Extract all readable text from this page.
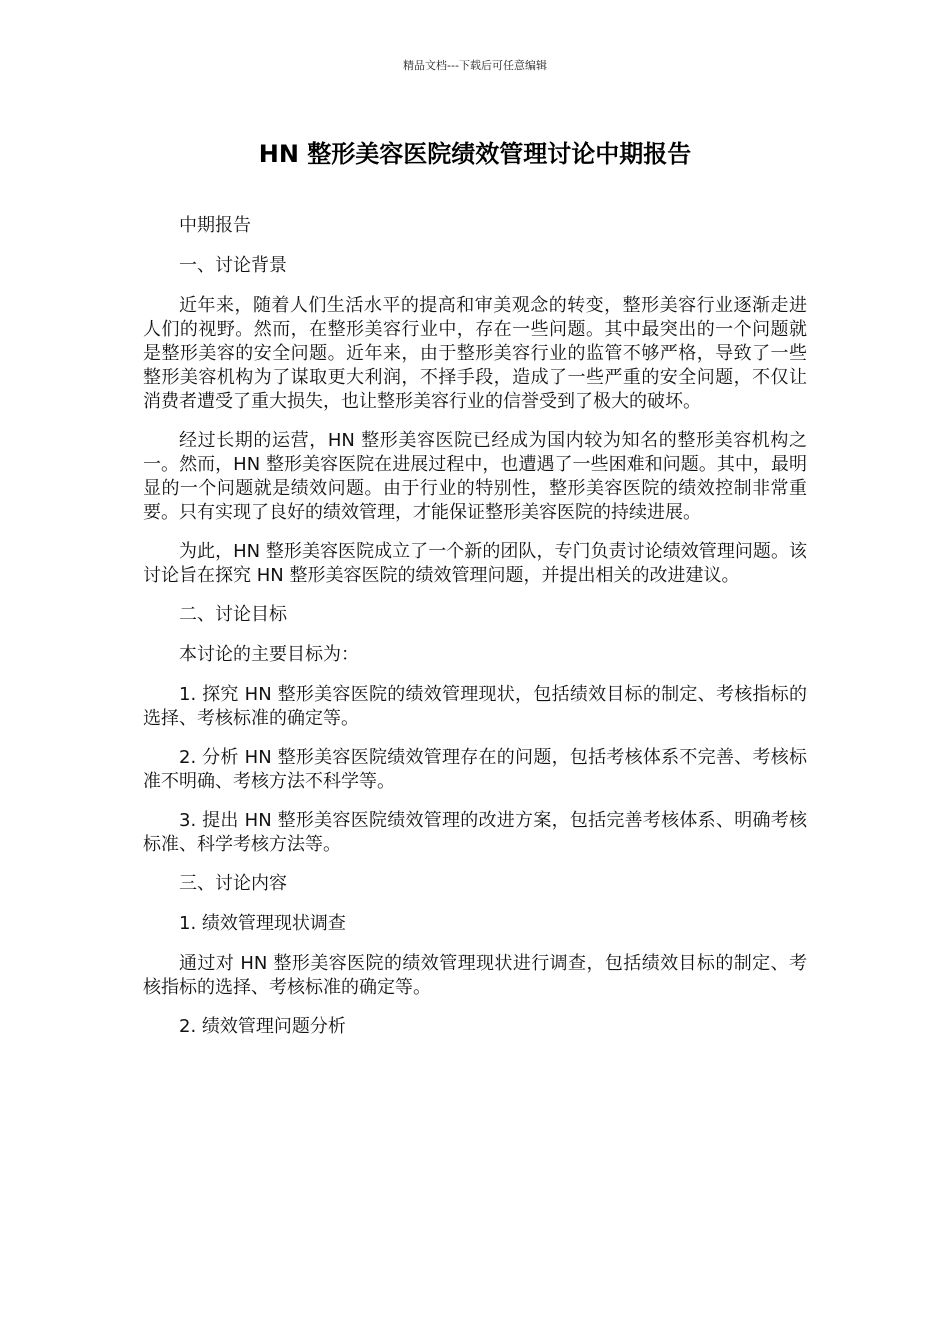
精品文档---下载后可任意编辑
HN 整形美容医院绩效管理讨论中期报告

中期报告

一、讨论背景

近年来，随着人们生活水平的提高和审美观念的转变，整形美容行业逐渐走进人们的视野。然而，在整形美容行业中，存在一些问题。其中最突出的一个问题就是整形美容的安全问题。近年来，由于整形美容行业的监管不够严格，导致了一些整形美容机构为了谋取更大利润，不择手段，造成了一些严重的安全问题，不仅让消费者遭受了重大损失，也让整形美容行业的信誉受到了极大的破坏。

经过长期的运营，HN 整形美容医院已经成为国内较为知名的整形美容机构之一。然而，HN 整形美容医院在进展过程中，也遭遇了一些困难和问题。其中，最明显的一个问题就是绩效问题。由于行业的特别性，整形美容医院的绩效控制非常重要。只有实现了良好的绩效管理，才能保证整形美容医院的持续进展。

为此，HN 整形美容医院成立了一个新的团队，专门负责讨论绩效管理问题。该讨论旨在探究 HN 整形美容医院的绩效管理问题，并提出相关的改进建议。

二、讨论目标

本讨论的主要目标为：

1. 探究 HN 整形美容医院的绩效管理现状，包括绩效目标的制定、考核指标的选择、考核标准的确定等。

2. 分析 HN 整形美容医院绩效管理存在的问题，包括考核体系不完善、考核标准不明确、考核方法不科学等。

3. 提出 HN 整形美容医院绩效管理的改进方案，包括完善考核体系、明确考核标准、科学考核方法等。

三、讨论内容

1. 绩效管理现状调查

通过对 HN 整形美容医院的绩效管理现状进行调查，包括绩效目标的制定、考核指标的选择、考核标准的确定等。

2. 绩效管理问题分析
